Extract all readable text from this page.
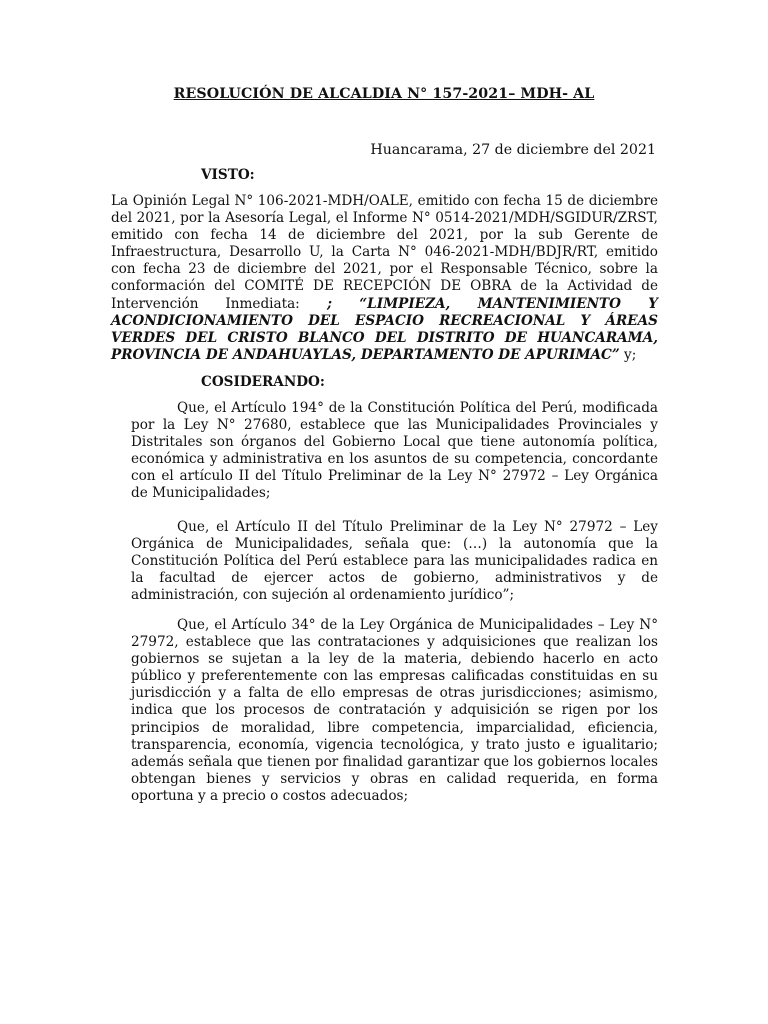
RESOLUCIÓN DE ALCALDIA N° 157-2021– MDH- AL
Huancarama, 27 de diciembre del 2021
VISTO:

La Opinión Legal N° 106-2021-MDH/OALE, emitido con fecha 15 de diciembre del 2021, por la Asesoría Legal, el Informe N° 0514-2021/MDH/SGIDUR/ZRST, emitido con fecha 14 de diciembre del 2021, por la sub Gerente de Infraestructura, Desarrollo U, la Carta N° 046-2021-MDH/BDJR/RT, emitido con fecha 23 de diciembre del 2021, por el Responsable Técnico, sobre la conformación del COMITÉ DE RECEPCIÓN DE OBRA de la Actividad de Intervención Inmediata: ; “LIMPIEZA, MANTENIMIENTO Y ACONDICIONAMIENTO DEL ESPACIO RECREACIONAL Y ÁREAS VERDES DEL CRISTO BLANCO DEL DISTRITO DE HUANCARAMA, PROVINCIA DE ANDAHUAYLAS, DEPARTAMENTO DE APURIMAC” y;

COSIDERANDO:

Que, el Artículo 194° de la Constitución Política del Perú, modificada por la Ley N° 27680, establece que las Municipalidades Provinciales y Distritales son órganos del Gobierno Local que tiene autonomía política, económica y administrativa en los asuntos de su competencia, concordante con el artículo II del Título Preliminar de la Ley N° 27972 – Ley Orgánica de Municipalidades;

Que, el Artículo II del Título Preliminar de la Ley N° 27972 – Ley Orgánica de Municipalidades, señala que: (…) la autonomía que la Constitución Política del Perú establece para las municipalidades radica en la facultad de ejercer actos de gobierno, administrativos y de administración, con sujeción al ordenamiento jurídico”;

Que, el Artículo 34° de la Ley Orgánica de Municipalidades – Ley N° 27972, establece que las contrataciones y adquisiciones que realizan los gobiernos se sujetan a la ley de la materia, debiendo hacerlo en acto público y preferentemente con las empresas calificadas constituidas en su jurisdicción y a falta de ello empresas de otras jurisdicciones; asimismo, indica que los procesos de contratación y adquisición se rigen por los principios de moralidad, libre competencia, imparcialidad, eficiencia, transparencia, economía, vigencia tecnológica, y trato justo e igualitario; además señala que tienen por finalidad garantizar que los gobiernos locales obtengan bienes y servicios y obras en calidad requerida, en forma oportuna y a precio o costos adecuados;
